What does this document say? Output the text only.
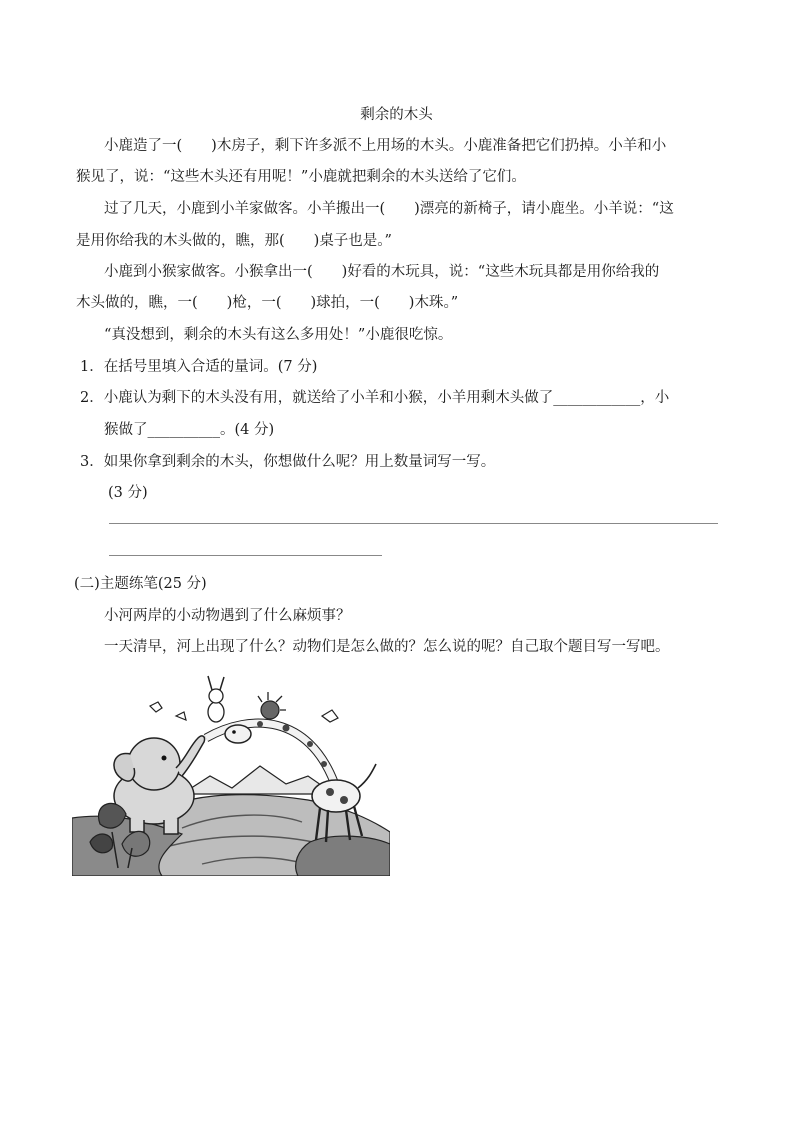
剩余的木头
小鹿造了一(　　)木房子，剩下许多派不上用场的木头。小鹿准备把它们扔掉。小羊和小
猴见了，说：“这些木头还有用呢！”小鹿就把剩余的木头送给了它们。
过了几天，小鹿到小羊家做客。小羊搬出一(　　)漂亮的新椅子，请小鹿坐。小羊说：“这
是用你给我的木头做的，瞧，那(　　)桌子也是。”
小鹿到小猴家做客。小猴拿出一(　　)好看的木玩具，说：“这些木玩具都是用你给我的
木头做的，瞧，一(　　)枪，一(　　)球拍，一(　　)木珠。”
“真没想到，剩余的木头有这么多用处！”小鹿很吃惊。
1．在括号里填入合适的量词。(7 分)
2．小鹿认为剩下的木头没有用，就送给了小羊和小猴，小羊用剩木头做了____________，小
猴做了__________。(4 分)
3．如果你拿到剩余的木头，你想做什么呢？用上数量词写一写。
(3 分)
(二)主题练笔(25 分)
小河两岸的小动物遇到了什么麻烦事？
一天清早，河上出现了什么？动物们是怎么做的？怎么说的呢？自己取个题目写一写吧。
